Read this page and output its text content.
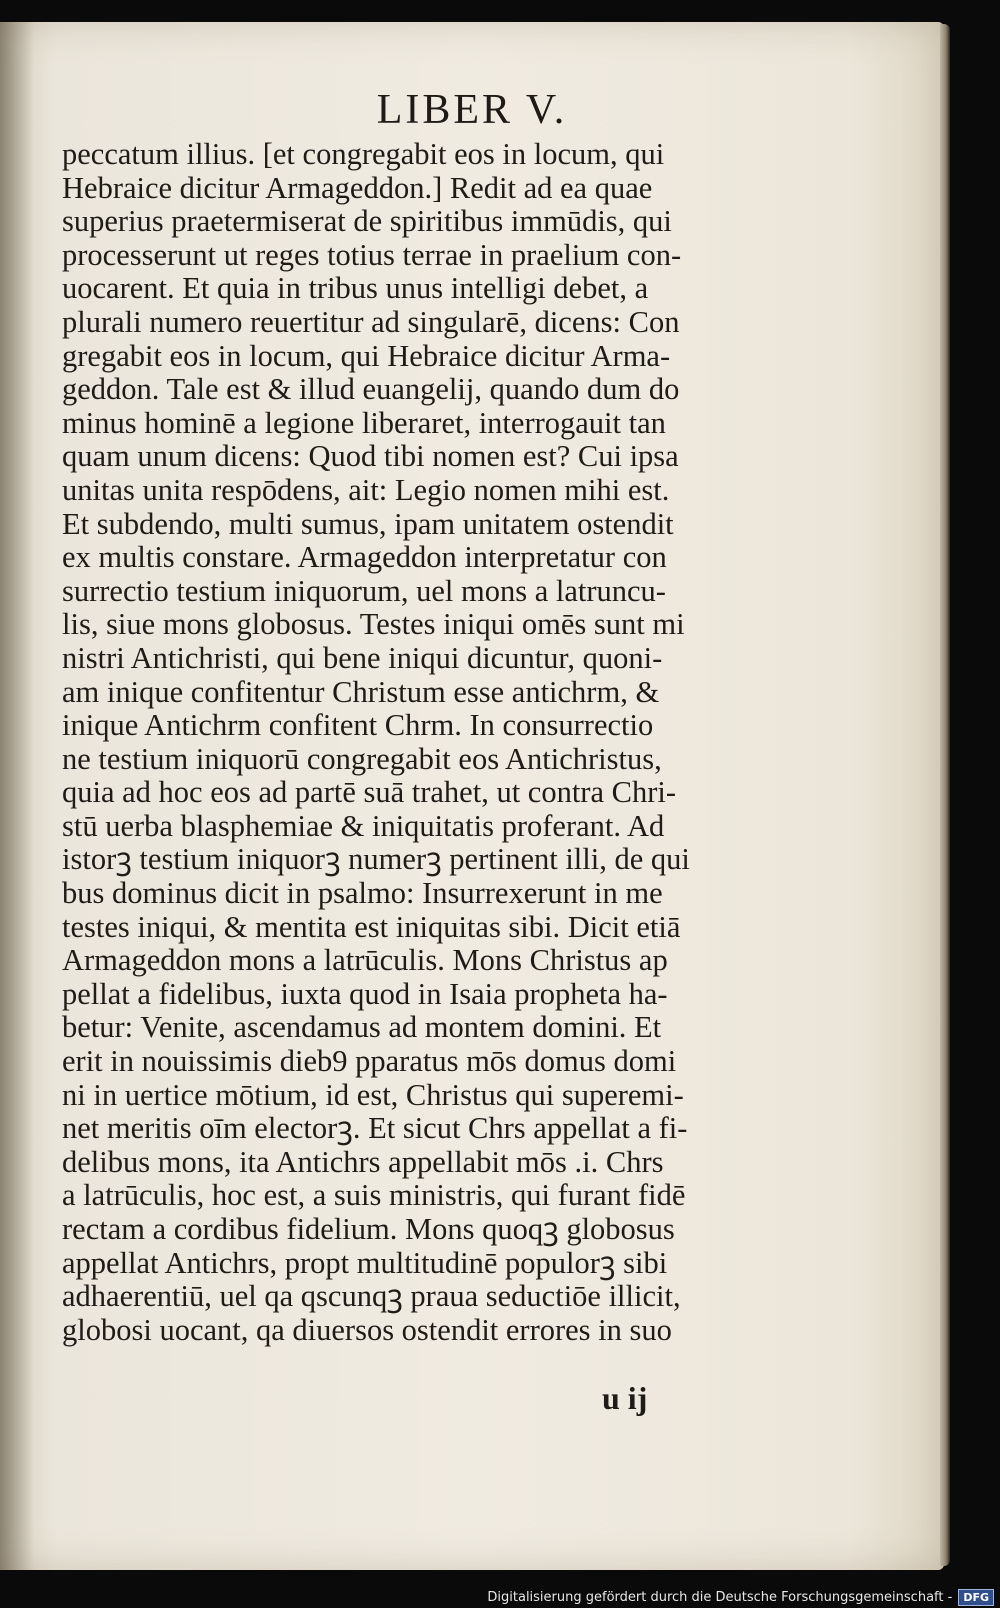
LIBER V.
peccatum illius. [et congregabit eos in locum, qui
Hebraice dicitur Armageddon.] Redit ad ea quae
superius praetermiserat de spiritibus immūdis, qui
processerunt ut reges totius terrae in praelium con-
uocarent. Et quia in tribus unus intelligi debet, a
plurali numero reuertitur ad singularē, dicens: Con
gregabit eos in locum, qui Hebraice dicitur Arma-
geddon. Tale est & illud euangelij, quando dum do
minus hominē a legione liberaret, interrogauit tan
quam unum dicens: Quod tibi nomen est? Cui ipsa
unitas unita respōdens, ait: Legio nomen mihi est.
Et subdendo, multi sumus, ipam unitatem ostendit
ex multis constare. Armageddon interpretatur con
surrectio testium iniquorum, uel mons a latruncu-
lis, siue mons globosus. Testes iniqui omēs sunt mi
nistri Antichristi, qui bene iniqui dicuntur, quoni-
am inique confitentur Christum esse antichrm, &
inique Antichrm confitent Chrm. In consurrectio
ne testium iniquorū congregabit eos Antichristus,
quia ad hoc eos ad partē suā trahet, ut contra Chri-
stū uerba blasphemiae & iniquitatis proferant. Ad
istorꝫ testium iniquorꝫ numerꝫ pertinent illi, de qui
bus dominus dicit in psalmo: Insurrexerunt in me
testes iniqui, & mentita est iniquitas sibi. Dicit etiā
Armageddon mons a latrūculis. Mons Christus ap
pellat a fidelibus, iuxta quod in Isaia propheta ha-
betur: Venite, ascendamus ad montem domini. Et
erit in nouissimis dieb9 pparatus mōs domus domi
ni in uertice mōtium, id est, Christus qui superemi-
net meritis oīm electorꝫ. Et sicut Chrs appellat a fi-
delibus mons, ita Antichrs appellabit mōs .i. Chrs
a latrūculis, hoc est, a suis ministris, qui furant fidē
rectam a cordibus fidelium. Mons quoqꝫ globosus
appellat Antichrs, propt multitudinē populorꝫ sibi
adhaerentiū, uel qa qscunqꝫ praua seductiōe illicit,
globosi uocant, qa diuersos ostendit errores in suo
u ij
Digitalisierung gefördert durch die Deutsche Forschungsgemeinschaft -	DFG
